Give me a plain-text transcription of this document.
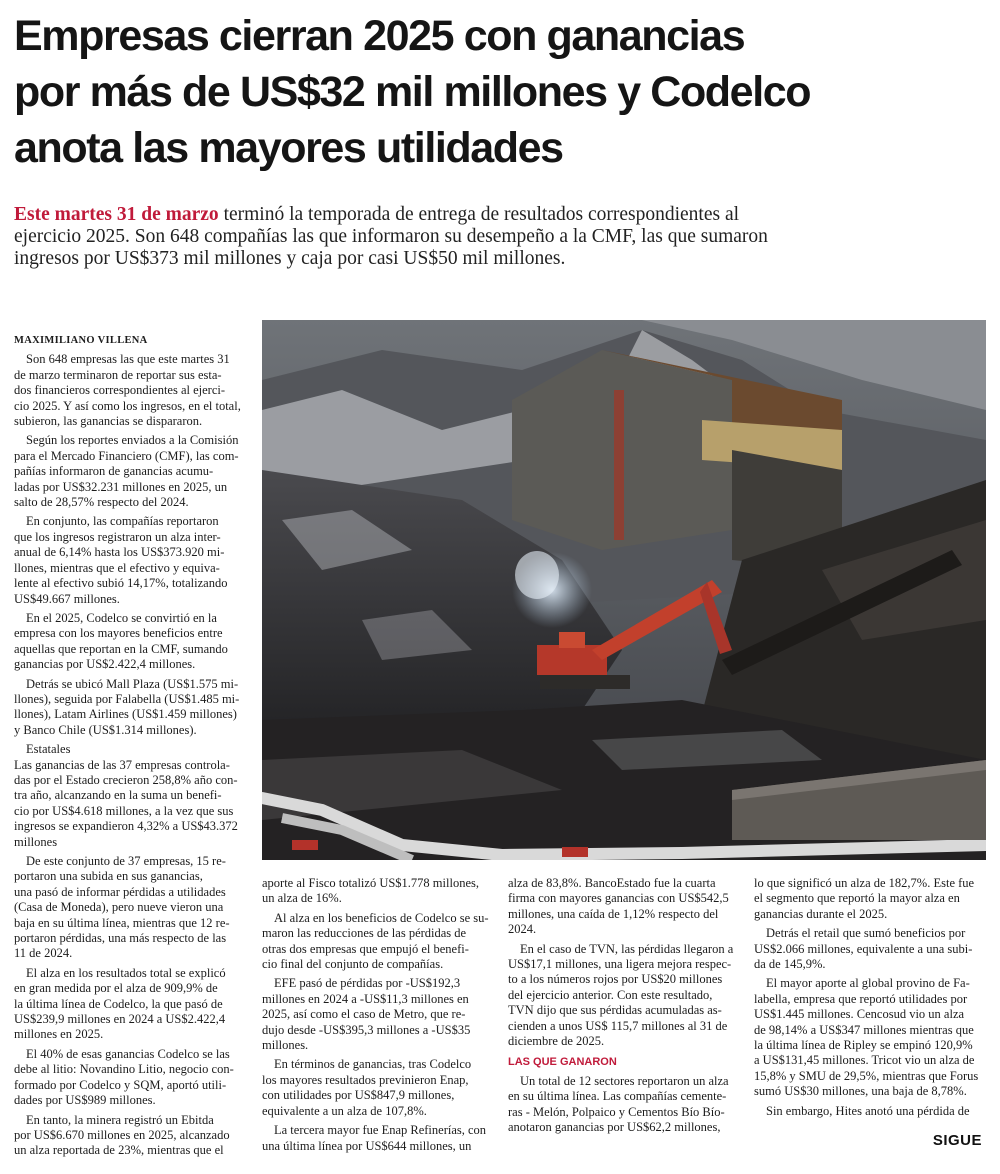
Empresas cierran 2025 con ganancias
por más de US$32 mil millones y Codelco
anota las mayores utilidades
Este martes 31 de marzo terminó la temporada de entrega de resultados correspondientes al
ejercicio 2025. Son 648 compañías las que informaron su desempeño a la CMF, las que sumaron
ingresos por US$373 mil millones y caja por casi US$50 mil millones.
MAXIMILIANO VILLENA
Son 648 empresas las que este martes 31
de marzo terminaron de reportar sus esta-
dos financieros correspondientes al ejerci-
cio 2025. Y así como los ingresos, en el total,
subieron, las ganancias se dispararon.
Según los reportes enviados a la Comisión
para el Mercado Financiero (CMF), las com-
pañías informaron de ganancias acumu-
ladas por US$32.231 millones en 2025, un
salto de 28,57% respecto del 2024.
En conjunto, las compañías reportaron
que los ingresos registraron un alza inter-
anual de 6,14% hasta los US$373.920 mi-
llones, mientras que el efectivo y equiva-
lente al efectivo subió 14,17%, totalizando
US$49.667 millones.
En el 2025, Codelco se convirtió en la
empresa con los mayores beneficios entre
aquellas que reportan en la CMF, sumando
ganancias por US$2.422,4 millones.
Detrás se ubicó Mall Plaza (US$1.575 mi-
llones), seguida por Falabella (US$1.485 mi-
llones), Latam Airlines (US$1.459 millones)
y Banco Chile (US$1.314 millones).
Estatales
Las ganancias de las 37 empresas controla-
das por el Estado crecieron 258,8% año con-
tra año, alcanzando en la suma un benefi-
cio por US$4.618 millones, a la vez que sus
ingresos se expandieron 4,32% a US$43.372
millones
De este conjunto de 37 empresas, 15 re-
portaron una subida en sus ganancias,
una pasó de informar pérdidas a utilidades
(Casa de Moneda), pero nueve vieron una
baja en su última línea, mientras que 12 re-
portaron pérdidas, una más respecto de las
11 de 2024.
El alza en los resultados total se explicó
en gran medida por el alza de 909,9% de
la última línea de Codelco, la que pasó de
US$239,9 millones en 2024 a US$2.422,4
millones en 2025.
El 40% de esas ganancias Codelco se las
debe al litio: Novandino Litio, negocio con-
formado por Codelco y SQM, aportó utili-
dades por US$989 millones.
En tanto, la minera registró un Ebitda
por US$6.670 millones en 2025, alcanzado
un alza reportada de 23%, mientras que el
aporte al Fisco totalizó US$1.778 millones,
un alza de 16%.
Al alza en los beneficios de Codelco se su-
maron las reducciones de las pérdidas de
otras dos empresas que empujó el benefi-
cio final del conjunto de compañías.
EFE pasó de pérdidas por -US$192,3
millones en 2024 a -US$11,3 millones en
2025, así como el caso de Metro, que re-
dujo desde -US$395,3 millones a -US$35
millones.
En términos de ganancias, tras Codelco
los mayores resultados previnieron Enap,
con utilidades por US$847,9 millones,
equivalente a un alza de 107,8%.
La tercera mayor fue Enap Refinerías, con
una última línea por US$644 millones, un
alza de 83,8%. BancoEstado fue la cuarta
firma con mayores ganancias con US$542,5
millones, una caída de 1,12% respecto del
2024.
En el caso de TVN, las pérdidas llegaron a
US$17,1 millones, una ligera mejora respec-
to a los números rojos por US$20 millones
del ejercicio anterior. Con este resultado,
TVN dijo que sus pérdidas acumuladas as-
cienden a unos US$ 115,7 millones al 31 de
diciembre de 2025.
LAS QUE GANARON
Un total de 12 sectores reportaron un alza
en su última línea. Las compañías cemente-
ras - Melón, Polpaico y Cementos Bío Bío-
anotaron ganancias por US$62,2 millones,
lo que significó un alza de 182,7%. Este fue
el segmento que reportó la mayor alza en
ganancias durante el 2025.
Detrás el retail que sumó beneficios por
US$2.066 millones, equivalente a una subi-
da de 145,9%.
El mayor aporte al global provino de Fa-
labella, empresa que reportó utilidades por
US$1.445 millones. Cencosud vio un alza
de 98,14% a US$347 millones mientras que
la última línea de Ripley se empinó 120,9%
a US$131,45 millones. Tricot vio un alza de
15,8% y SMU de 29,5%, mientras que Forus
sumó US$30 millones, una baja de 8,78%.
Sin embargo, Hites anotó una pérdida de
SIGUE
